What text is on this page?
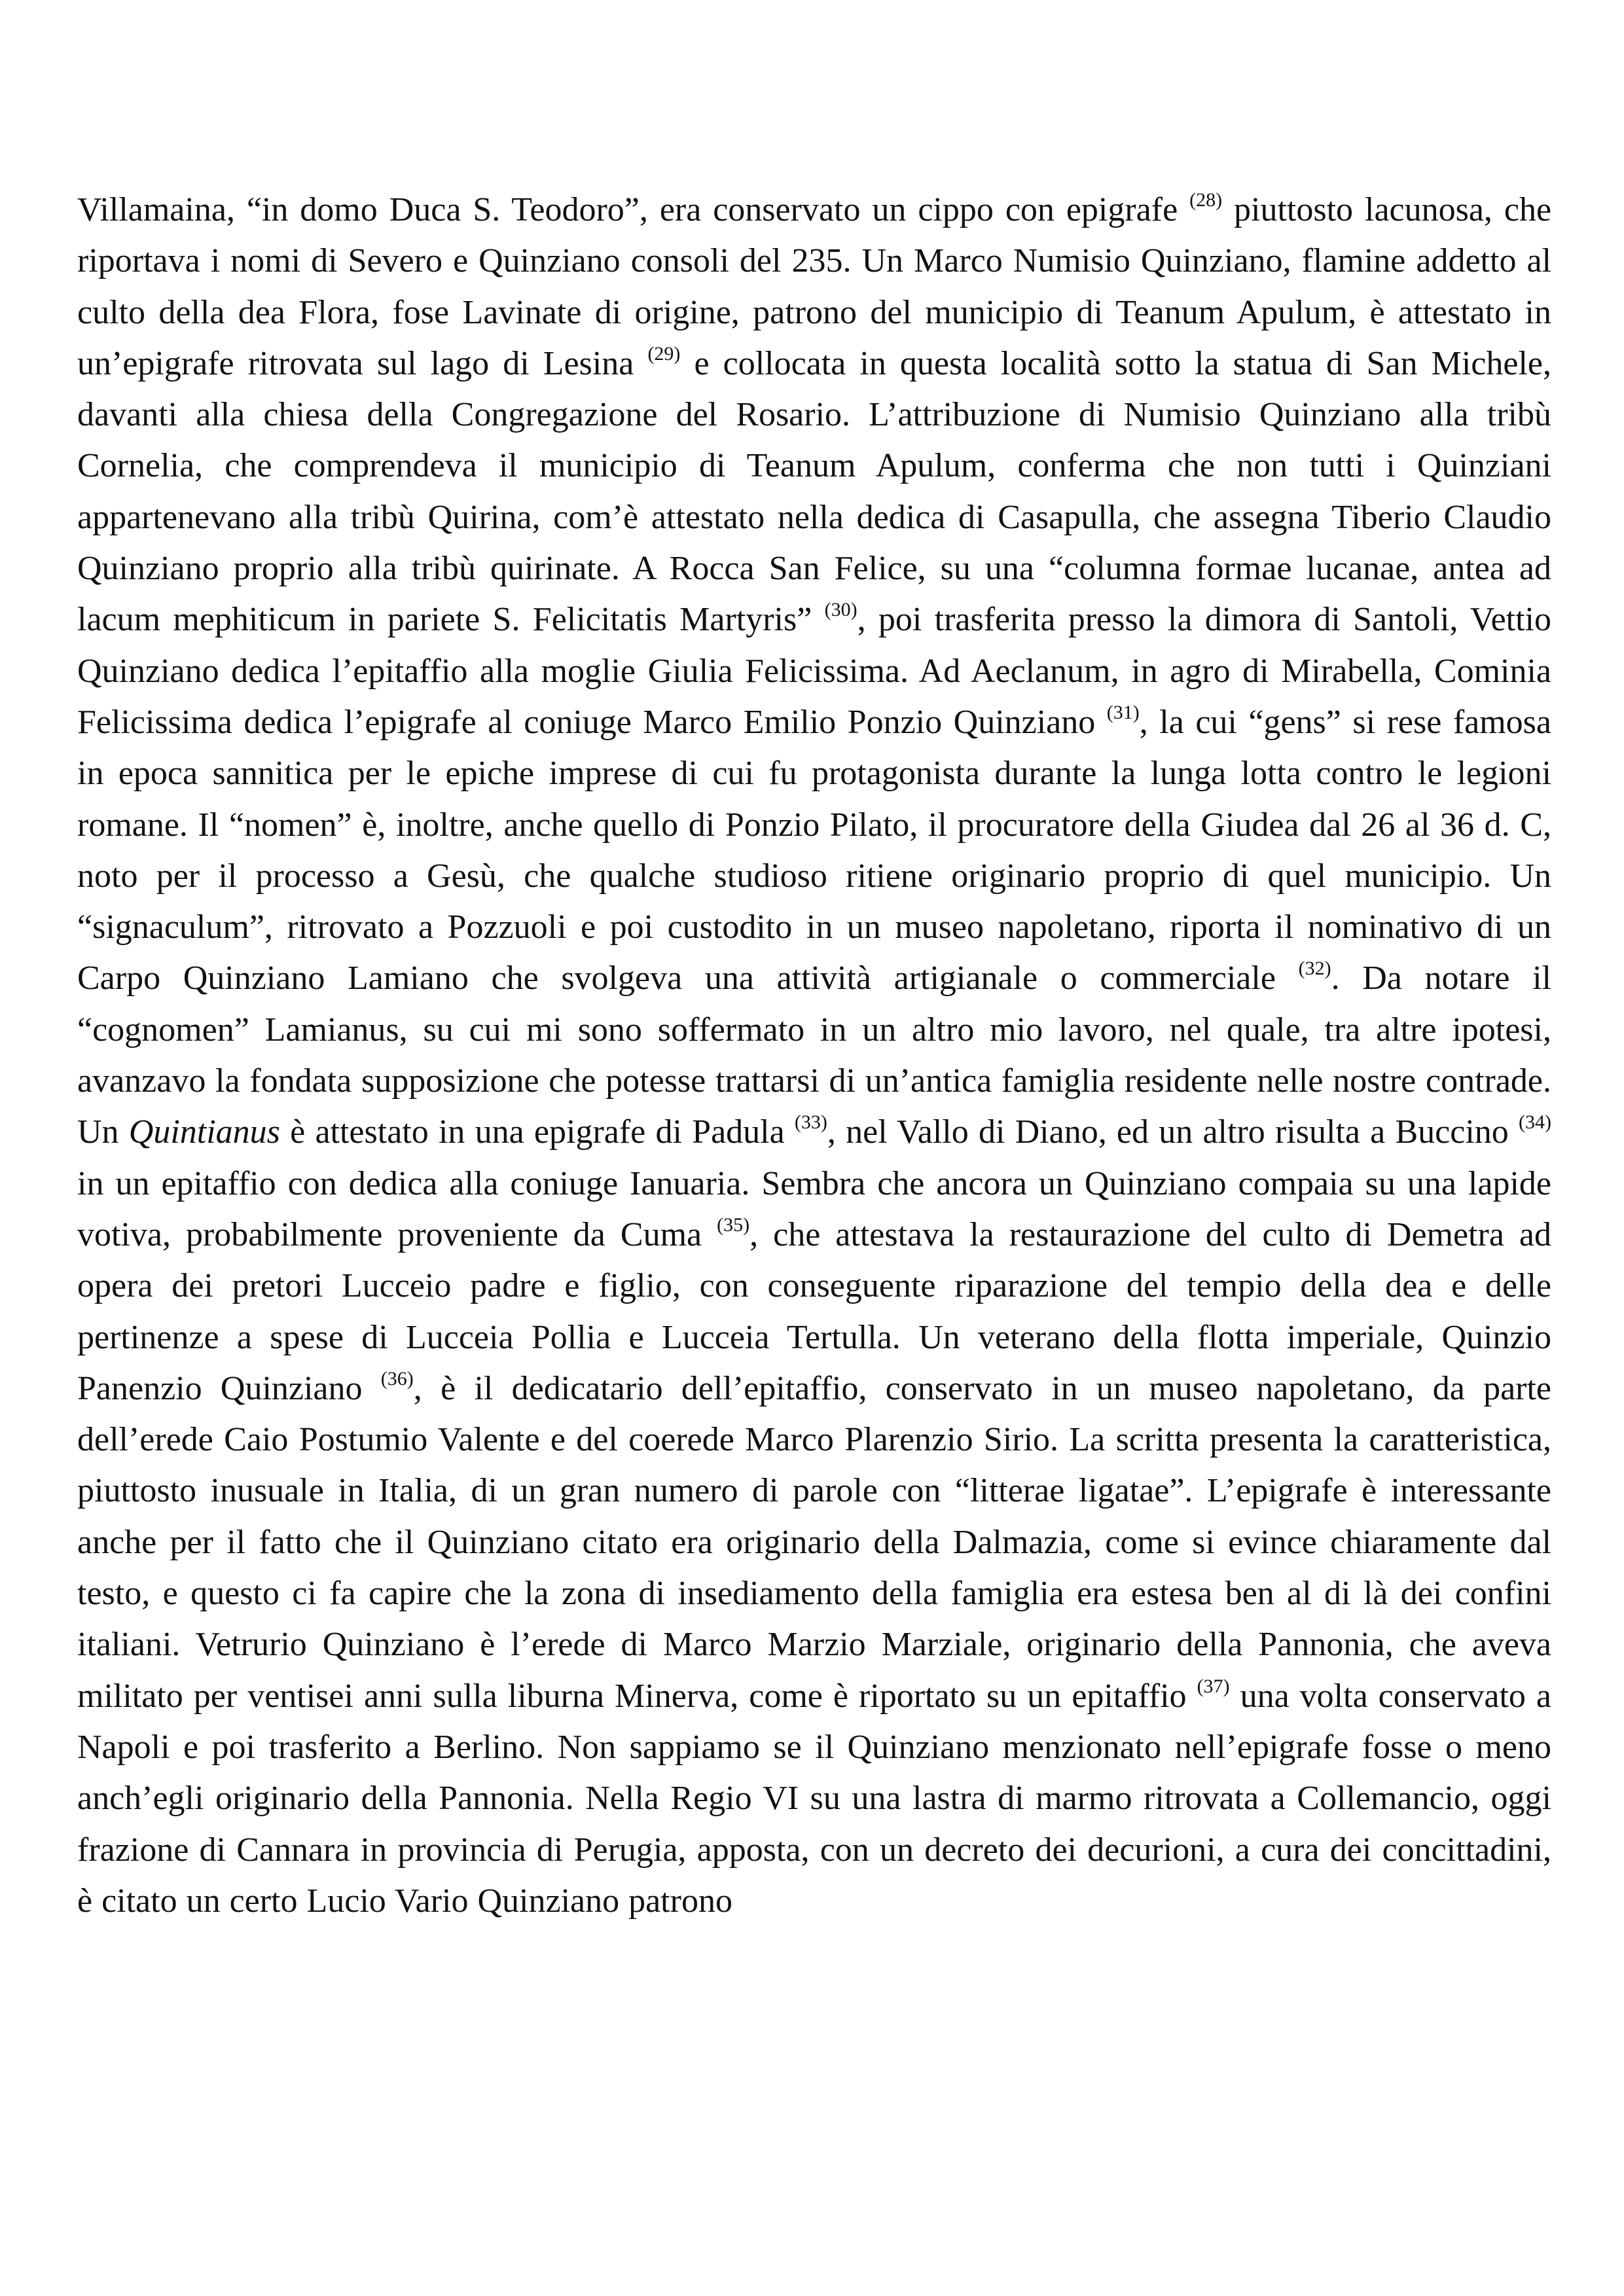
Villamaina, “in domo Duca S. Teodoro”, era conservato un cippo con epigrafe $^{(28)}$ piuttosto lacunosa, che riportava i nomi di Severo e Quinziano consoli del 235. Un Marco Numisio Quinziano, flamine addetto al culto della dea Flora, fose Lavinate di origine, patrono del municipio di Teanum Apulum, è attestato in un’epigrafe ritrovata sul lago di Lesina $^{(29)}$ e collocata in questa località sotto la statua di San Michele, davanti alla chiesa della Congregazione del Rosario. L’attribuzione di Numisio Quinziano alla tribù Cornelia, che comprendeva il municipio di Teanum Apulum, conferma che non tutti i Quinziani appartenevano alla tribù Quirina, com’è attestato nella dedica di Casapulla, che assegna Tiberio Claudio Quinziano proprio alla tribù quirinate. A Rocca San Felice, su una “columna formae lucanae, antea ad lacum mephiticum in pariete S. Felicitatis Martyris” $^{(30)}$, poi trasferita presso la dimora di Santoli, Vettio Quinziano dedica l’epitaffio alla moglie Giulia Felicissima. Ad Aeclanum, in agro di Mirabella, Cominia Felicissima dedica l’epigrafe al coniuge Marco Emilio Ponzio Quinziano $^{(31)}$, la cui “gens” si rese famosa in epoca sannitica per le epiche imprese di cui fu protagonista durante la lunga lotta contro le legioni romane. Il “nomen” è, inoltre, anche quello di Ponzio Pilato, il procuratore della Giudea dal 26 al 36 d. C, noto per il processo a Gesù, che qualche studioso ritiene originario proprio di quel municipio. Un “signaculum”, ritrovato a Pozzuoli e poi custodito in un museo napoletano, riporta il nominativo di un Carpo Quinziano Lamiano che svolgeva una attività artigianale o commerciale $^{(32)}$. Da notare il “cognomen” Lamianus, su cui mi sono soffermato in un altro mio lavoro, nel quale, tra altre ipotesi, avanzavo la fondata supposizione che potesse trattarsi di un’antica famiglia residente nelle nostre contrade. Un Quintianus è attestato in una epigrafe di Padula $^{(33)}$, nel Vallo di Diano, ed un altro risulta a Buccino $^{(34)}$ in un epitaffio con dedica alla coniuge Ianuaria. Sembra che ancora un Quinziano compaia su una lapide votiva, probabilmente proveniente da Cuma $^{(35)}$, che attestava la restaurazione del culto di Demetra ad opera dei pretori Lucceio padre e figlio, con conseguente riparazione del tempio della dea e delle pertinenze a spese di Lucceia Pollia e Lucceia Tertulla. Un veterano della flotta imperiale, Quinzio Panenzio Quinziano $^{(36)}$, è il dedicatario dell’epitaffio, conservato in un museo napoletano, da parte dell’erede Caio Postumio Valente e del coerede Marco Plarenzio Sirio. La scritta presenta la caratteristica, piuttosto inusuale in Italia, di un gran numero di parole con “litterae ligatae”. L’epigrafe è interessante anche per il fatto che il Quinziano citato era originario della Dalmazia, come si evince chiaramente dal testo, e questo ci fa capire che la zona di insediamento della famiglia era estesa ben al di là dei confini italiani. Vetrurio Quinziano è l’erede di Marco Marzio Marziale, originario della Pannonia, che aveva militato per ventisei anni sulla liburna Minerva, come è riportato su un epitaffio $^{(37)}$ una volta conservato a Napoli e poi trasferito a Berlino. Non sappiamo se il Quinziano menzionato nell’epigrafe fosse o meno anch’egli originario della Pannonia. Nella Regio VI su una lastra di marmo ritrovata a Collemancio, oggi frazione di Cannara in provincia di Perugia, apposta, con un decreto dei decurioni, a cura dei concittadini, è citato un certo Lucio Vario Quinziano patrono
